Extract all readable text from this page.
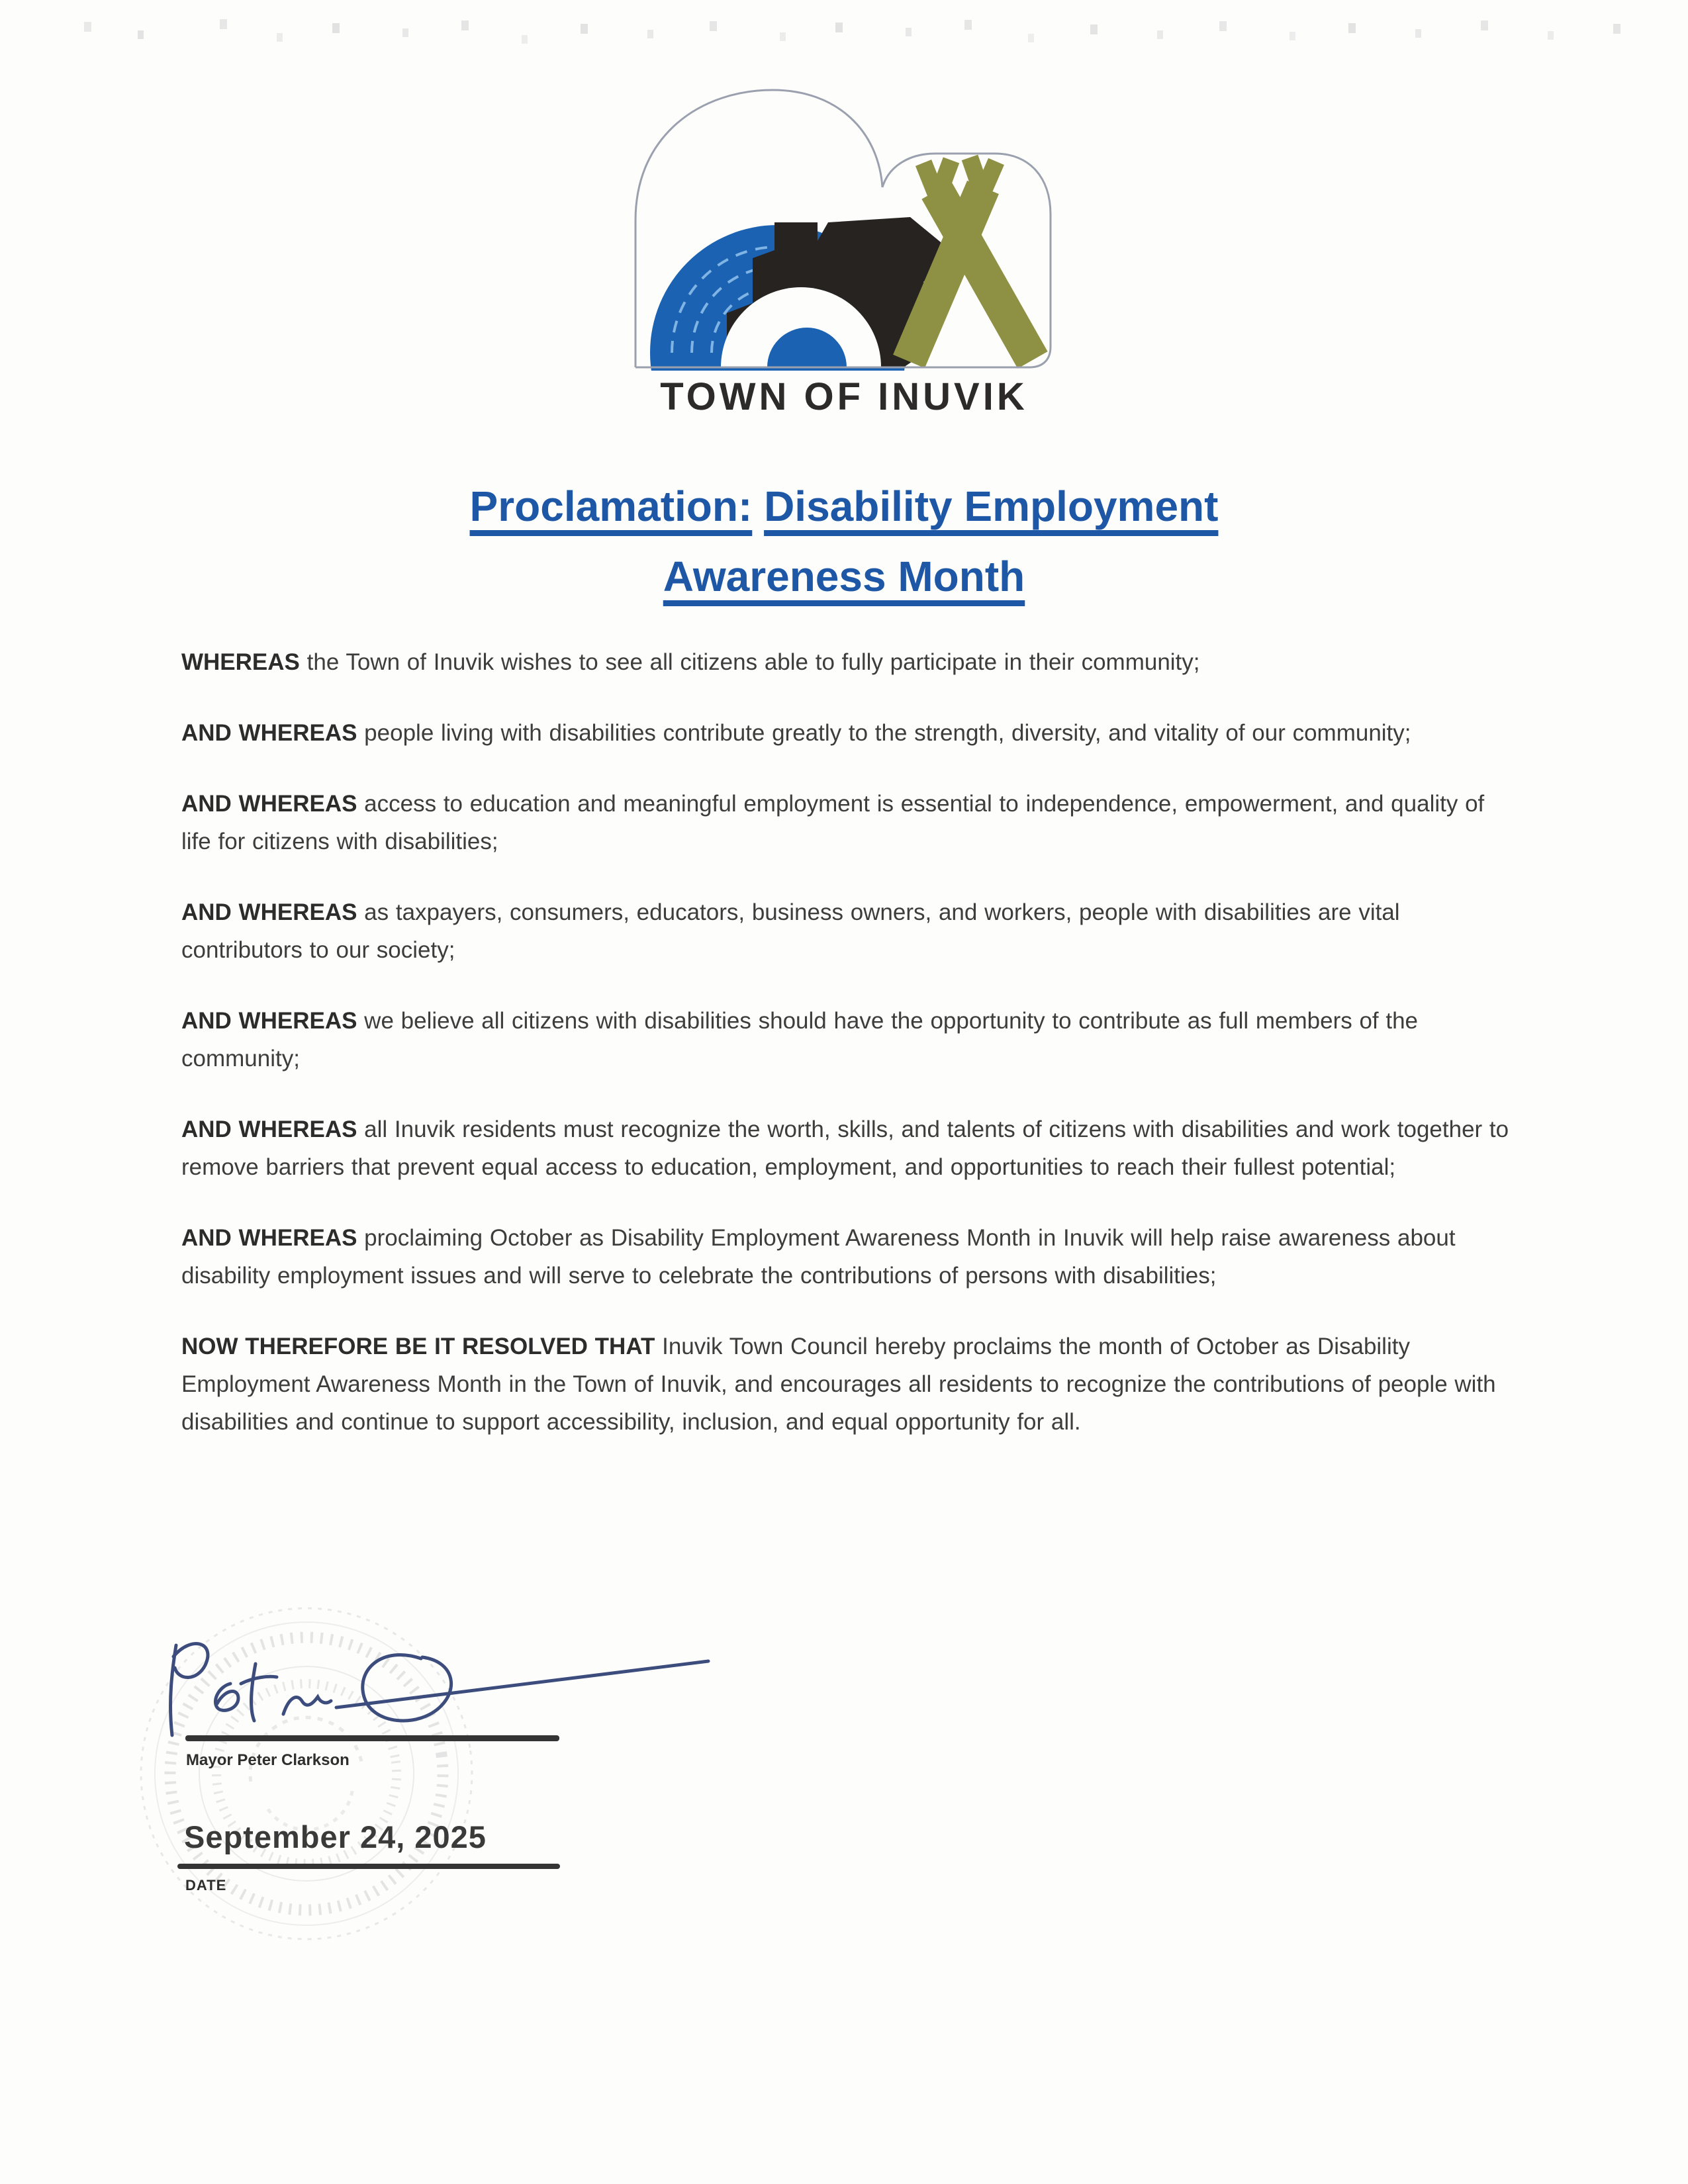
TOWN OF INUVIK
Proclamation: Disability Employment
Awareness Month

WHEREAS the Town of Inuvik wishes to see all citizens able to fully participate in their community;

AND WHEREAS people living with disabilities contribute greatly to the strength, diversity, and vitality of our community;

AND WHEREAS access to education and meaningful employment is essential to independence, empowerment, and quality of life for citizens with disabilities;

AND WHEREAS as taxpayers, consumers, educators, business owners, and workers, people with disabilities are vital contributors to our society;

AND WHEREAS we believe all citizens with disabilities should have the opportunity to contribute as full members of the community;

AND WHEREAS all Inuvik residents must recognize the worth, skills, and talents of citizens with disabilities and work together to remove barriers that prevent equal access to education, employment, and opportunities to reach their fullest potential;

AND WHEREAS proclaiming October as Disability Employment Awareness Month in Inuvik will help raise awareness about disability employment issues and will serve to celebrate the contributions of persons with disabilities;

NOW THEREFORE BE IT RESOLVED THAT Inuvik Town Council hereby proclaims the month of October as Disability Employment Awareness Month in the Town of Inuvik, and encourages all residents to recognize the contributions of people with disabilities and continue to support accessibility, inclusion, and equal opportunity for all.

Mayor Peter Clarkson
September 24, 2025
DATE
